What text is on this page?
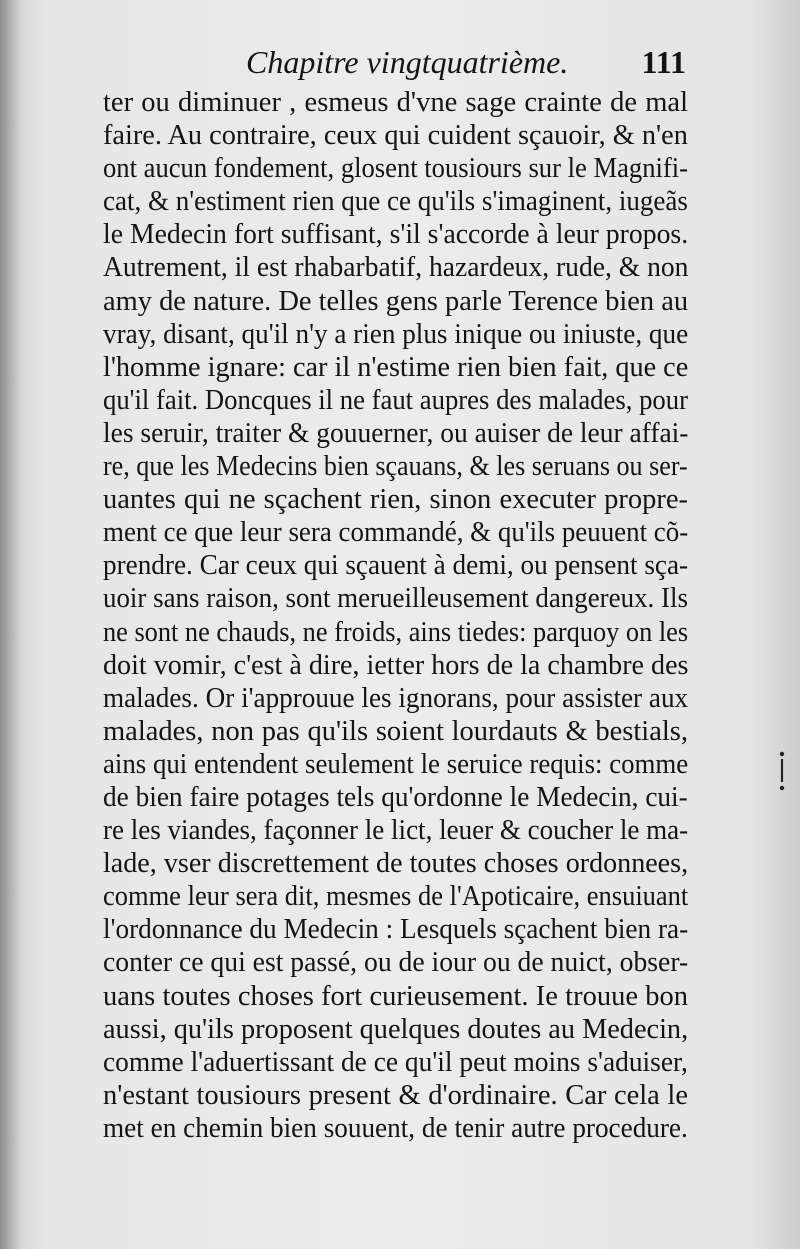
Chapitre vingtquatrième. 111
ter ou diminuer , esmeus d'vne sage crainte de mal
faire. Au contraire, ceux qui cuident sçauoir, & n'en
ont aucun fondement, glosent tousiours sur le Magnifi-
cat, & n'estiment rien que ce qu'ils s'imaginent, iugeãs
le Medecin fort suffisant, s'il s'accorde à leur propos.
Autrement, il est rhabarbatif, hazardeux, rude, & non
amy de nature. De telles gens parle Terence bien au
vray, disant, qu'il n'y a rien plus inique ou iniuste, que
l'homme ignare: car il n'estime rien bien fait, que ce
qu'il fait. Doncques il ne faut aupres des malades, pour
les seruir, traiter & gouuerner, ou auiser de leur affai-
re, que les Medecins bien sçauans, & les seruans ou ser-
uantes qui ne sçachent rien, sinon executer propre-
ment ce que leur sera commandé, & qu'ils peuuent cõ-
prendre. Car ceux qui sçauent à demi, ou pensent sça-
uoir sans raison, sont merueilleusement dangereux. Ils
ne sont ne chauds, ne froids, ains tiedes: parquoy on les
doit vomir, c'est à dire, ietter hors de la chambre des
malades. Or i'approuue les ignorans, pour assister aux
malades, non pas qu'ils soient lourdauts & bestials,
ains qui entendent seulement le seruice requis: comme
de bien faire potages tels qu'ordonne le Medecin, cui-
re les viandes, façonner le lict, leuer & coucher le ma-
lade, vser discrettement de toutes choses ordonnees,
comme leur sera dit, mesmes de l'Apoticaire, ensuiuant
l'ordonnance du Medecin : Lesquels sçachent bien ra-
conter ce qui est passé, ou de iour ou de nuict, obser-
uans toutes choses fort curieusement. Ie trouue bon
aussi, qu'ils proposent quelques doutes au Medecin,
comme l'aduertissant de ce qu'il peut moins s'aduiser,
n'estant tousiours present & d'ordinaire. Car cela le
met en chemin bien souuent, de tenir autre procedure.
